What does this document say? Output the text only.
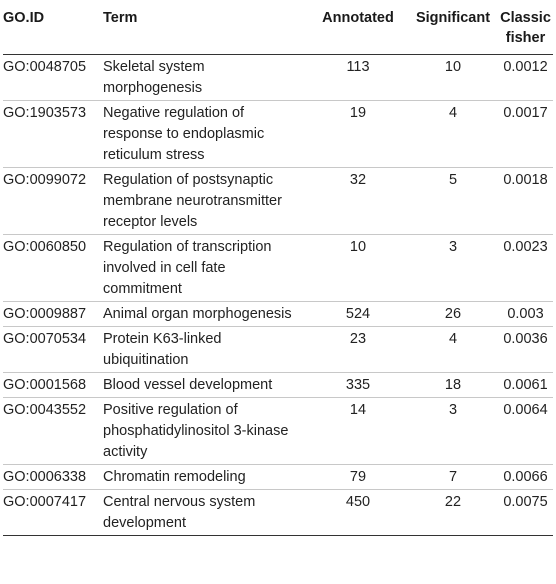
GO.ID	Term	Annotated	Significant	Classic fisher
GO:0048705	Skeletal system morphogenesis	113	10	0.0012
GO:1903573	Negative regulation of response to endoplasmic reticulum stress	19	4	0.0017
GO:0099072	Regulation of postsynaptic membrane neurotransmitter receptor levels	32	5	0.0018
GO:0060850	Regulation of transcription involved in cell fate commitment	10	3	0.0023
GO:0009887	Animal organ morphogenesis	524	26	0.003
GO:0070534	Protein K63-linked ubiquitination	23	4	0.0036
GO:0001568	Blood vessel development	335	18	0.0061
GO:0043552	Positive regulation of phosphatidylinositol 3-kinase activity	14	3	0.0064
GO:0006338	Chromatin remodeling	79	7	0.0066
GO:0007417	Central nervous system development	450	22	0.0075
